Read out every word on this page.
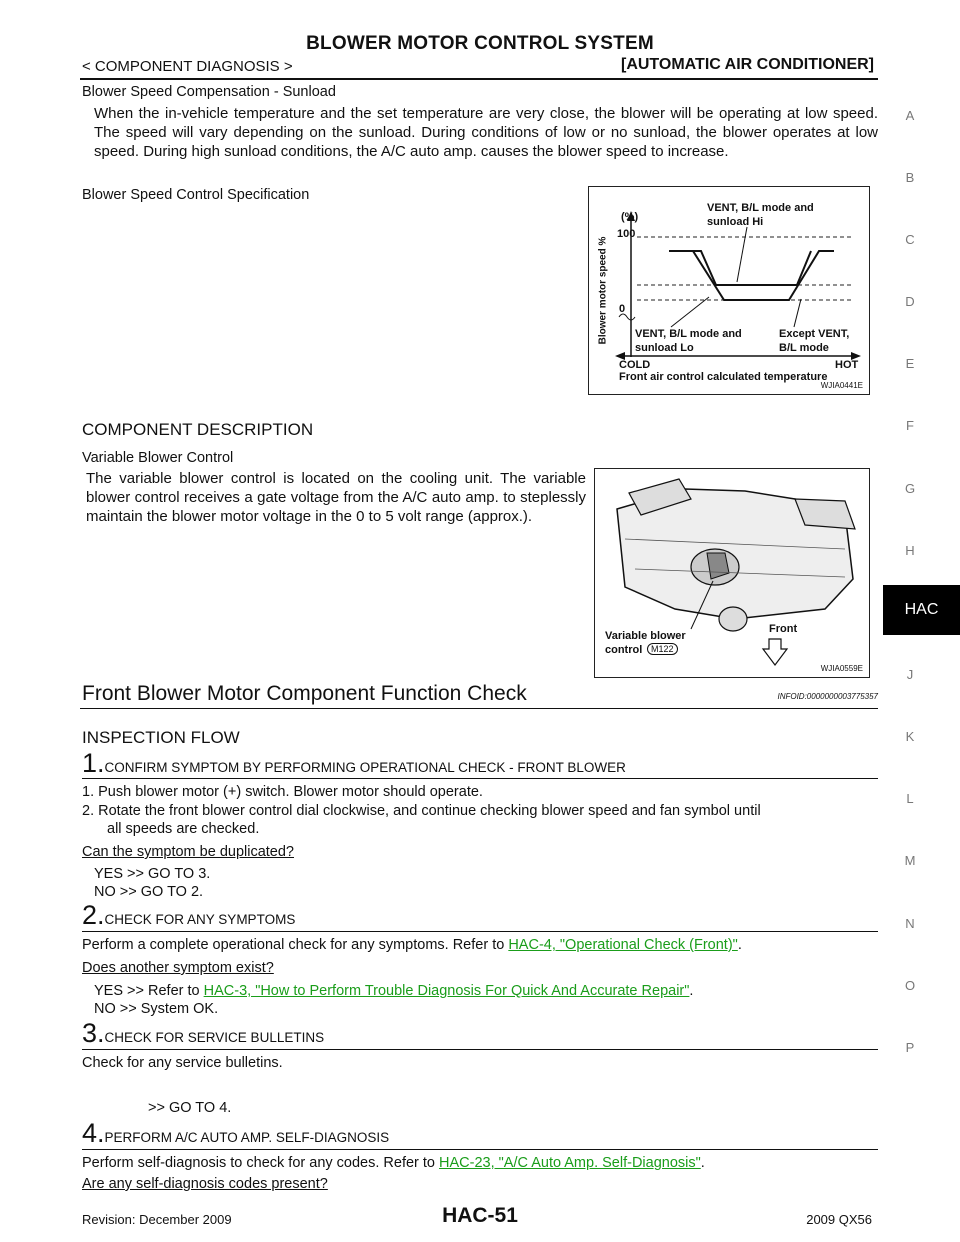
BLOWER MOTOR CONTROL SYSTEM
< COMPONENT DIAGNOSIS >	[AUTOMATIC AIR CONDITIONER]
Blower Speed Compensation - Sunload
When the in-vehicle temperature and the set temperature are very close, the blower will be operating at low speed. The speed will vary depending on the sunload. During conditions of low or no sunload, the blower operates at low speed. During high sunload conditions, the A/C auto amp. causes the blower speed to increase.
Blower Speed Control Specification
Blower motor speed %
(%)
100
0
VENT, B/L mode and sunload Hi
VENT, B/L mode and sunload Lo
Except VENT, B/L mode
COLD	HOT
Front air control calculated temperature
WJIA0441E
COMPONENT DESCRIPTION
Variable Blower Control
The variable blower control is located on the cooling unit. The variable blower control receives a gate voltage from the A/C auto amp. to steplessly maintain the blower motor voltage in the 0 to 5 volt range (approx.).
Variable blower control M122
Front
WJIA0559E
Front Blower Motor Component Function Check	INFOID:0000000003775357
INSPECTION FLOW
1.CONFIRM SYMPTOM BY PERFORMING OPERATIONAL CHECK - FRONT BLOWER
1. Push blower motor (+) switch. Blower motor should operate.
2. Rotate the front blower control dial clockwise, and continue checking blower speed and fan symbol until
all speeds are checked.
Can the symptom be duplicated?
YES >> GO TO 3.
NO >> GO TO 2.
2.CHECK FOR ANY SYMPTOMS
Perform a complete operational check for any symptoms. Refer to HAC-4, "Operational Check (Front)".
Does another symptom exist?
YES >> Refer to HAC-3, "How to Perform Trouble Diagnosis For Quick And Accurate Repair".
NO >> System OK.
3.CHECK FOR SERVICE BULLETINS
Check for any service bulletins.
>> GO TO 4.
4.PERFORM A/C AUTO AMP. SELF-DIAGNOSIS
Perform self-diagnosis to check for any codes. Refer to HAC-23, "A/C Auto Amp. Self-Diagnosis".
Are any self-diagnosis codes present?
A
B
C
D
E
F
G
H
HAC
J
K
L
M
N
O
P
Revision: December 2009	HAC-51	2009 QX56
